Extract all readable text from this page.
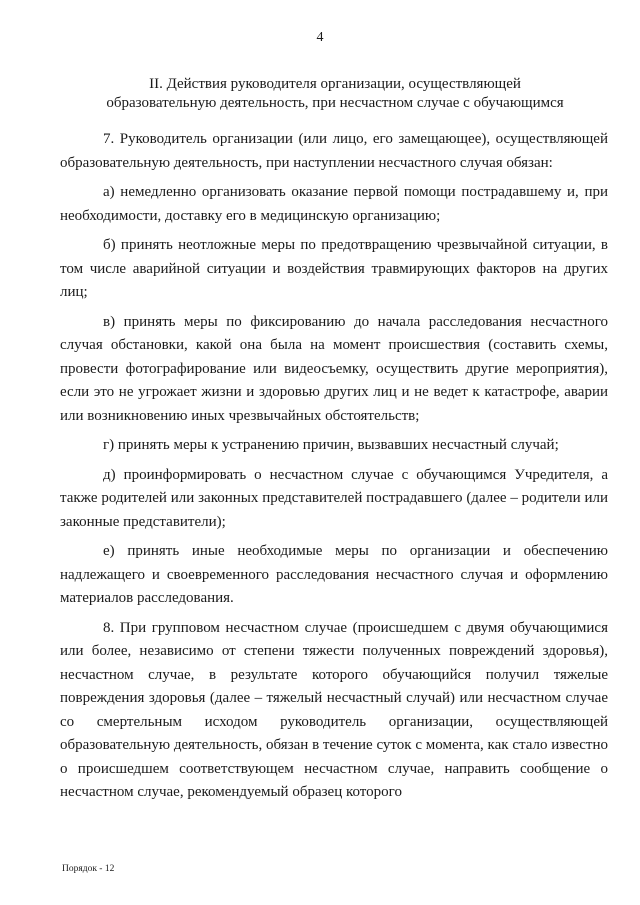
4
II. Действия руководителя организации, осуществляющей
образовательную деятельность, при несчастном случае с обучающимся

7. Руководитель организации (или лицо, его замещающее), осуществляющей образовательную деятельность, при наступлении несчастного случая обязан:

а) немедленно организовать оказание первой помощи пострадавшему и, при необходимости, доставку его в медицинскую организацию;

б) принять неотложные меры по предотвращению чрезвычайной ситуации, в том числе аварийной ситуации и воздействия травмирующих факторов на других лиц;

в) принять меры по фиксированию до начала расследования несчастного случая обстановки, какой она была на момент происшествия (составить схемы, провести фотографирование или видеосъемку, осуществить другие мероприятия), если это не угрожает жизни и здоровью других лиц и не ведет к катастрофе, аварии или возникновению иных чрезвычайных обстоятельств;

г) принять меры к устранению причин, вызвавших несчастный случай;

д) проинформировать о несчастном случае с обучающимся Учредителя, а также родителей или законных представителей пострадавшего (далее – родители или законные представители);

е) принять иные необходимые меры по организации и обеспечению надлежащего и своевременного расследования несчастного случая и оформлению материалов расследования.

8. При групповом несчастном случае (происшедшем с двумя обучающимися или более, независимо от степени тяжести полученных повреждений здоровья), несчастном случае, в результате которого обучающийся получил тяжелые повреждения здоровья (далее – тяжелый несчастный случай) или несчастном случае со смертельным исходом руководитель организации, осуществляющей образовательную деятельность, обязан в течение суток с момента, как стало известно о происшедшем соответствующем несчастном случае, направить сообщение о несчастном случае, рекомендуемый образец которого

Порядок - 12
